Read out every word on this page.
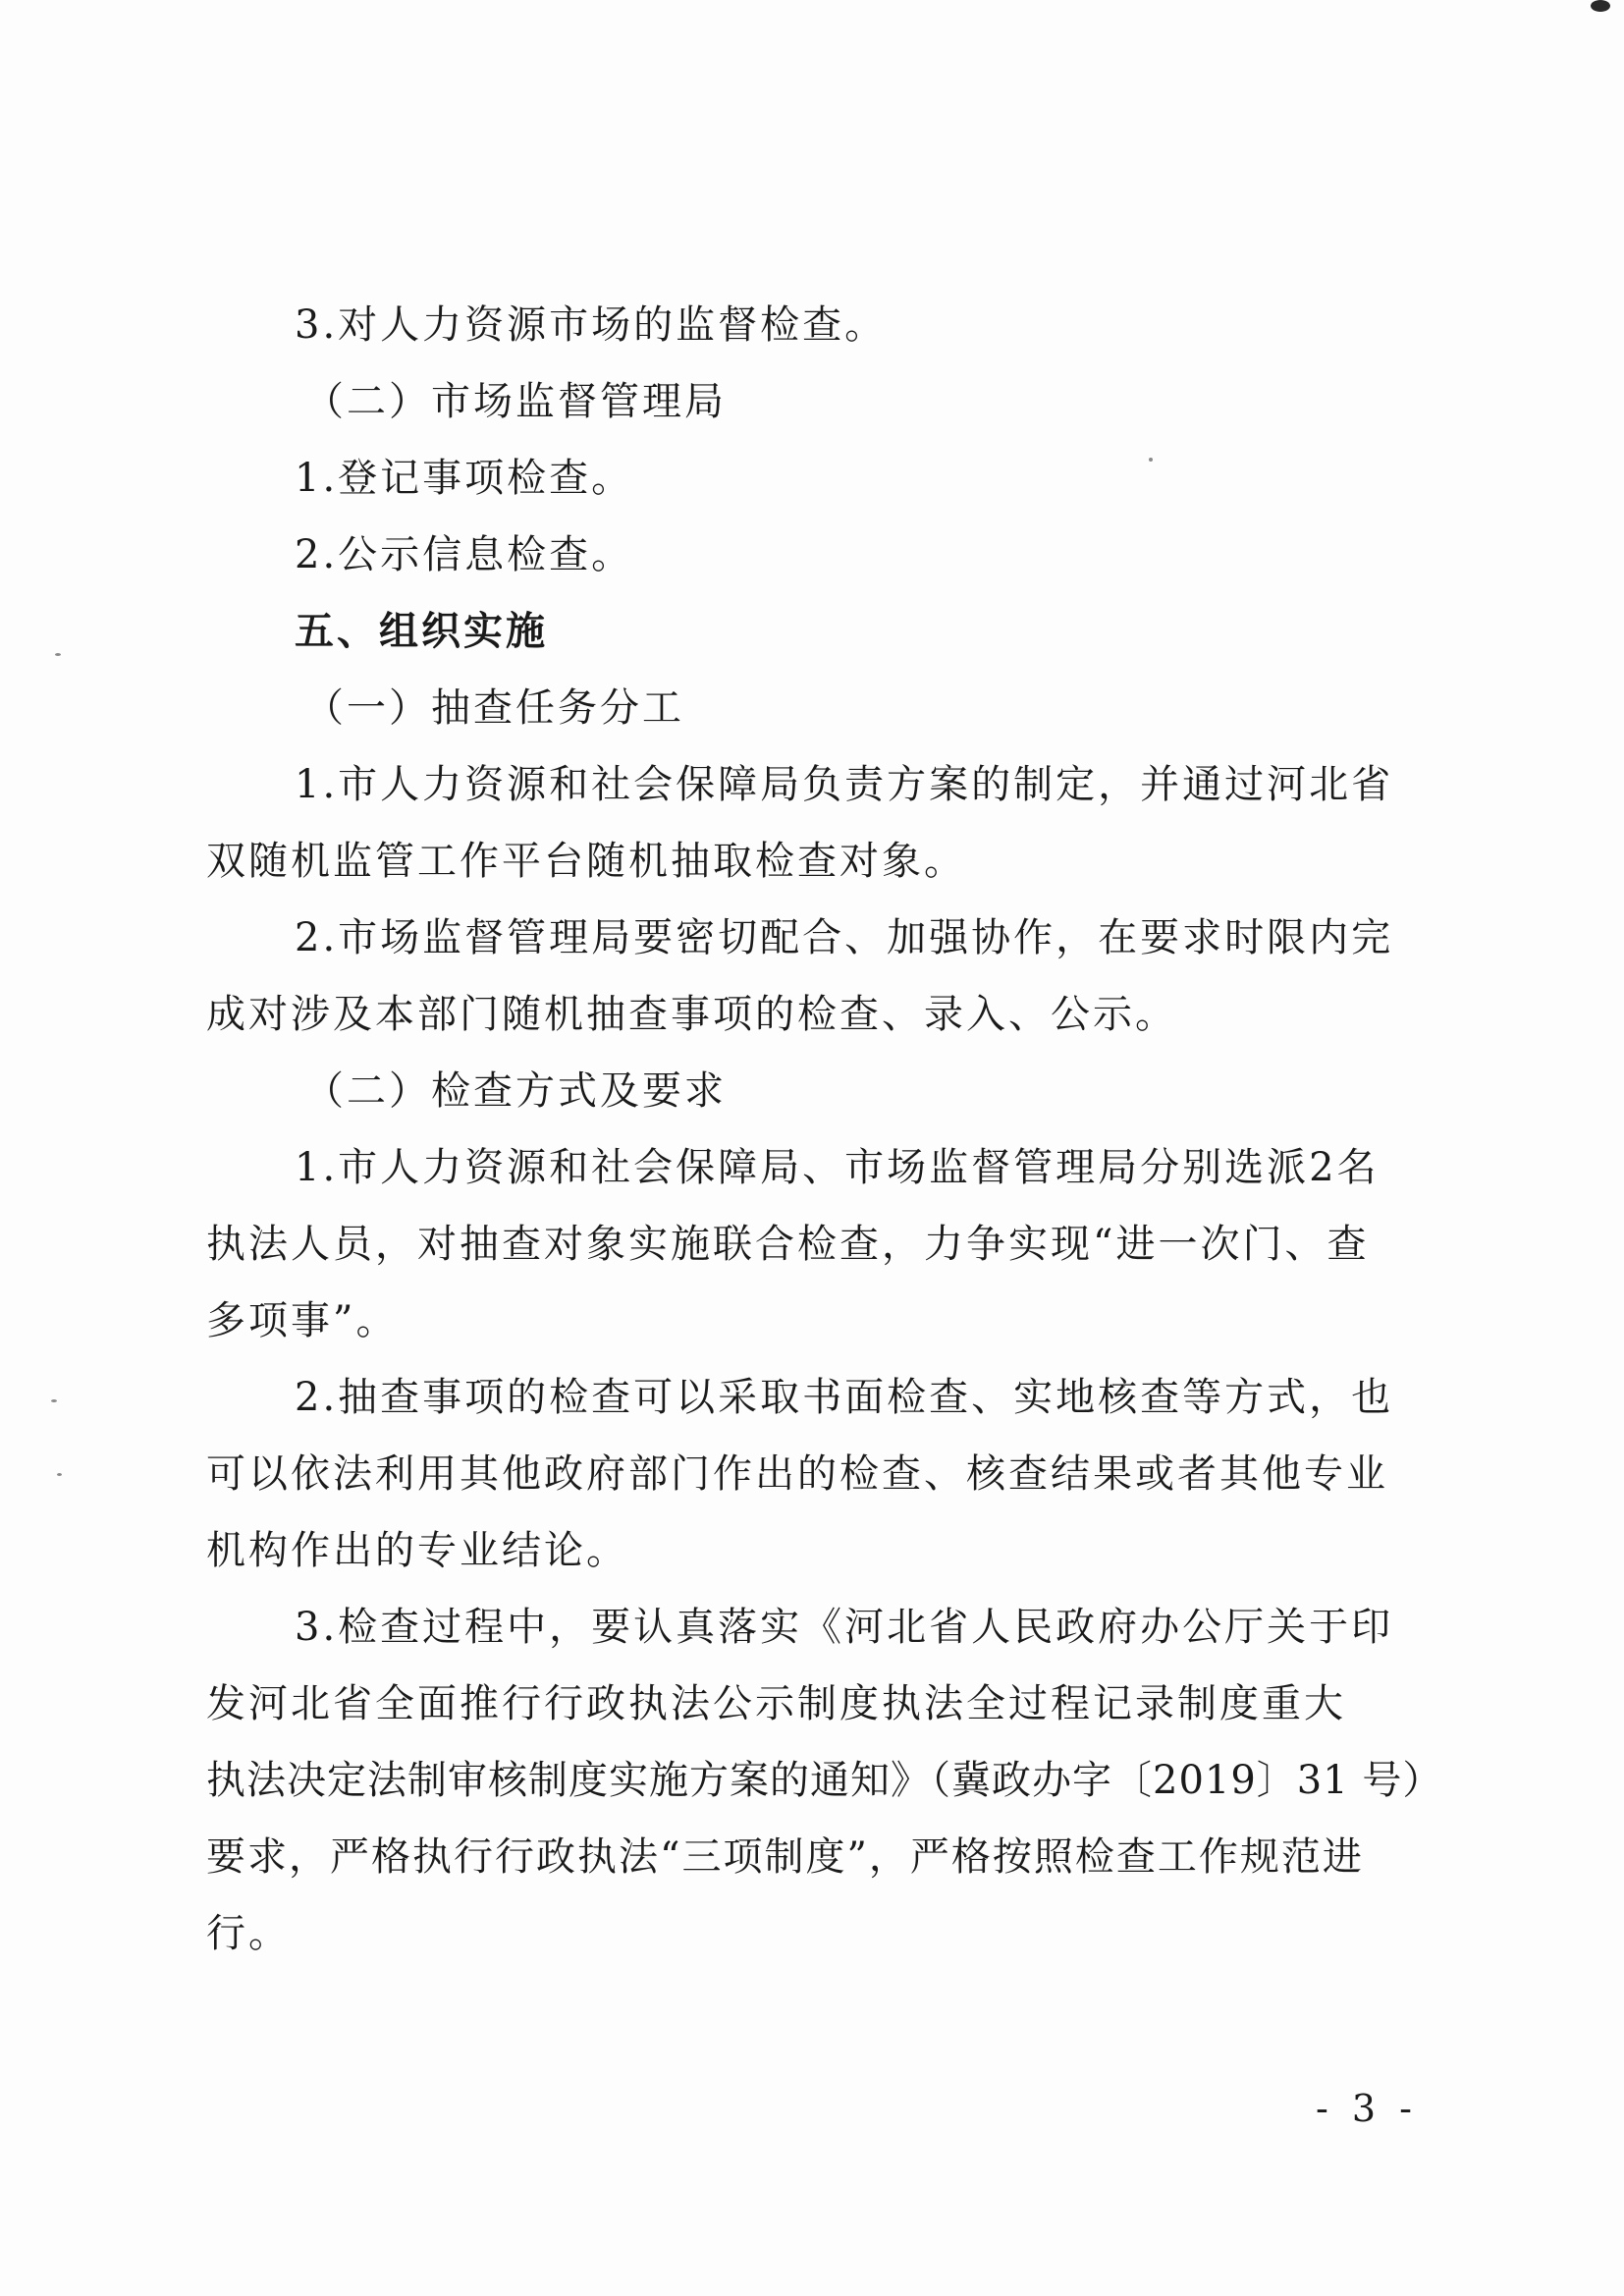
3.对人力资源市场的监督检查。
（二）市场监督管理局
1.登记事项检查。
2.公示信息检查。
五、组织实施
（一）抽查任务分工
1.市人力资源和社会保障局负责方案的制定，并通过河北省
双随机监管工作平台随机抽取检查对象。
2.市场监督管理局要密切配合、加强协作，在要求时限内完
成对涉及本部门随机抽查事项的检查、录入、公示。
（二）检查方式及要求
1.市人力资源和社会保障局、市场监督管理局分别选派2名
执法人员，对抽查对象实施联合检查，力争实现“进一次门、查
多项事”。
2.抽查事项的检查可以采取书面检查、实地核查等方式，也
可以依法利用其他政府部门作出的检查、核查结果或者其他专业
机构作出的专业结论。
3.检查过程中，要认真落实《河北省人民政府办公厅关于印
发河北省全面推行行政执法公示制度执法全过程记录制度重大
执法决定法制审核制度实施方案的通知》（冀政办字〔2019〕31 号）
要求，严格执行行政执法“三项制度”，严格按照检查工作规范进
行。
- 3 -
